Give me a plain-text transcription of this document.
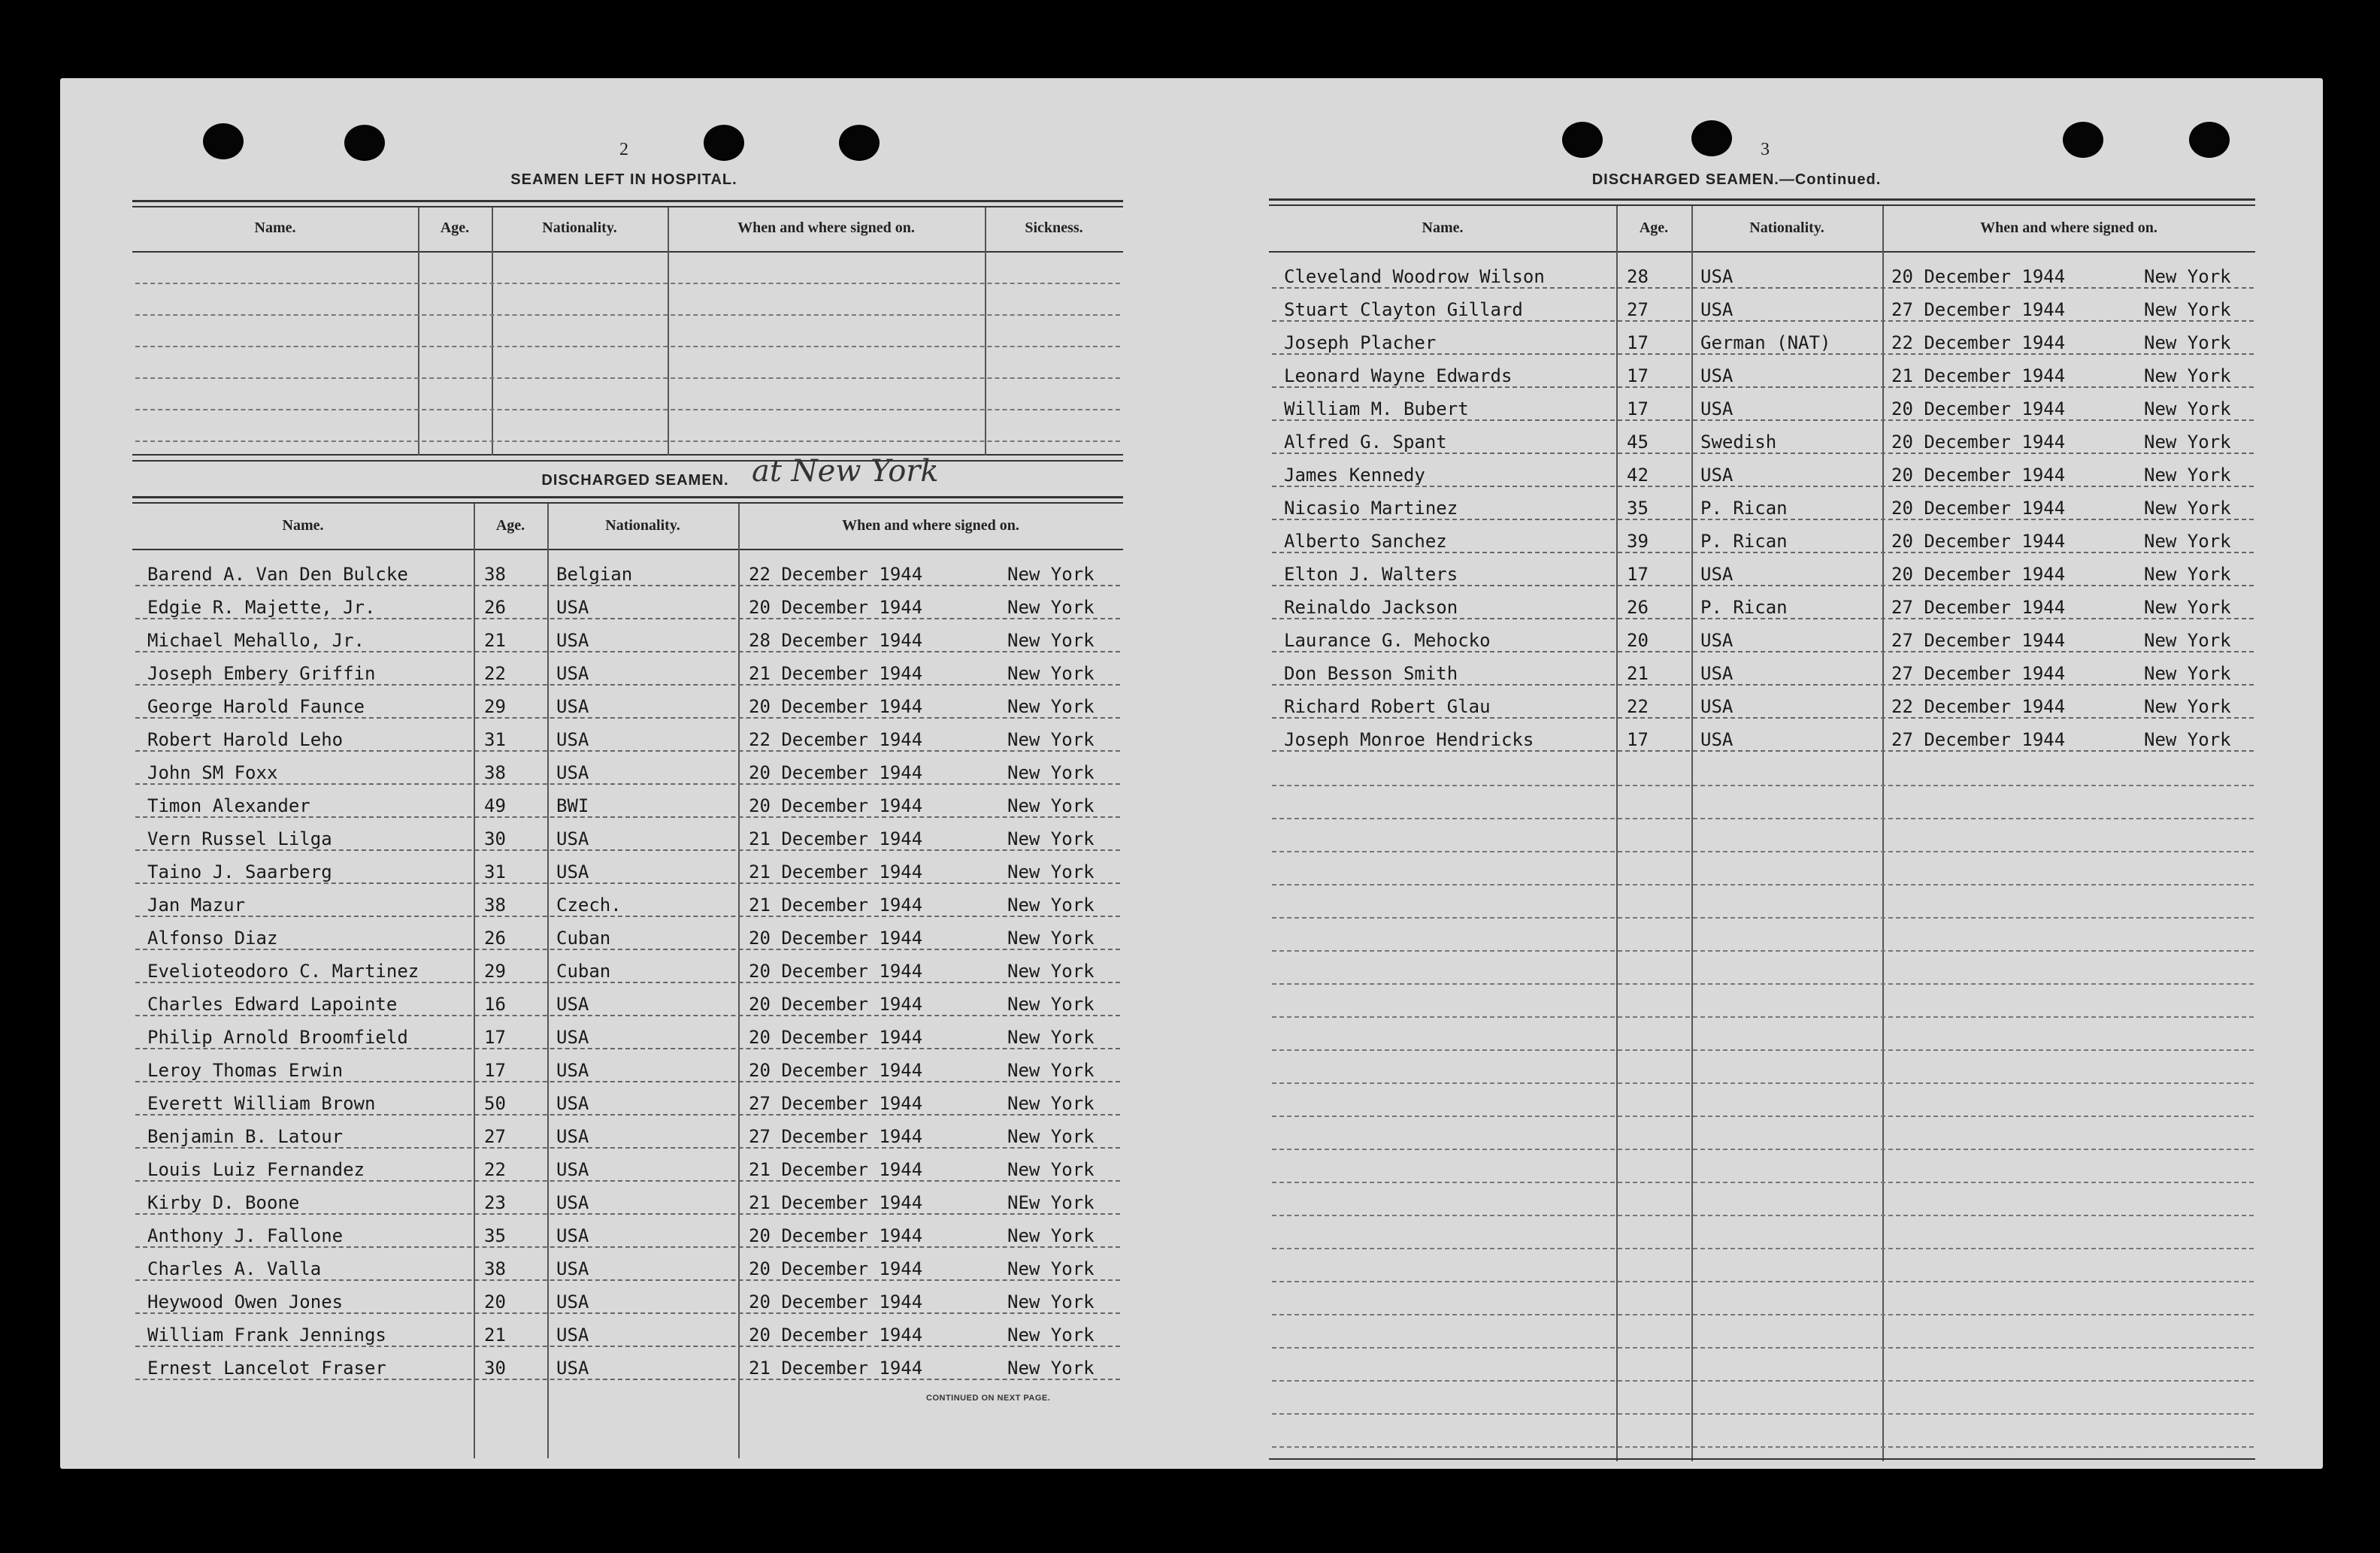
2
SEAMEN LEFT IN HOSPITAL.
Name.	Age.	Nationality.	When and where signed on.	Sickness.
DISCHARGED SEAMEN. at New York
Name.	Age.	Nationality.	When and where signed on.
Barend A. Van Den Bulcke	38	Belgian	22 December 1944	New York
Edgie R. Majette, Jr.	26	USA	20 December 1944	New York
Michael Mehallo, Jr.	21	USA	28 December 1944	New York
Joseph Embery Griffin	22	USA	21 December 1944	New York
George Harold Faunce	29	USA	20 December 1944	New York
Robert Harold Leho	31	USA	22 December 1944	New York
John SM Foxx	38	USA	20 December 1944	New York
Timon Alexander	49	BWI	20 December 1944	New York
Vern Russel Lilga	30	USA	21 December 1944	New York
Taino J. Saarberg	31	USA	21 December 1944	New York
Jan Mazur	38	Czech.	21 December 1944	New York
Alfonso Diaz	26	Cuban	20 December 1944	New York
Evelioteodoro C. Martinez	29	Cuban	20 December 1944	New York
Charles Edward Lapointe	16	USA	20 December 1944	New York
Philip Arnold Broomfield	17	USA	20 December 1944	New York
Leroy Thomas Erwin	17	USA	20 December 1944	New York
Everett William Brown	50	USA	27 December 1944	New York
Benjamin B. Latour	27	USA	27 December 1944	New York
Louis Luiz Fernandez	22	USA	21 December 1944	New York
Kirby D. Boone	23	USA	21 December 1944	NEw York
Anthony J. Fallone	35	USA	20 December 1944	New York
Charles A. Valla	38	USA	20 December 1944	New York
Heywood Owen Jones	20	USA	20 December 1944	New York
William Frank Jennings	21	USA	20 December 1944	New York
Ernest Lancelot Fraser	30	USA	21 December 1944	New York
CONTINUED ON NEXT PAGE.
3
DISCHARGED SEAMEN.—Continued.
Name.	Age.	Nationality.	When and where signed on.
Cleveland Woodrow Wilson	28	USA	20 December 1944	New York
Stuart Clayton Gillard	27	USA	27 December 1944	New York
Joseph Placher	17	German (NAT)	22 December 1944	New York
Leonard Wayne Edwards	17	USA	21 December 1944	New York
William M. Bubert	17	USA	20 December 1944	New York
Alfred G. Spant	45	Swedish	20 December 1944	New York
James Kennedy	42	USA	20 December 1944	New York
Nicasio Martinez	35	P. Rican	20 December 1944	New York
Alberto Sanchez	39	P. Rican	20 December 1944	New York
Elton J. Walters	17	USA	20 December 1944	New York
Reinaldo Jackson	26	P. Rican	27 December 1944	New York
Laurance G. Mehocko	20	USA	27 December 1944	New York
Don Besson Smith	21	USA	27 December 1944	New York
Richard Robert Glau	22	USA	22 December 1944	New York
Joseph Monroe Hendricks	17	USA	27 December 1944	New York
